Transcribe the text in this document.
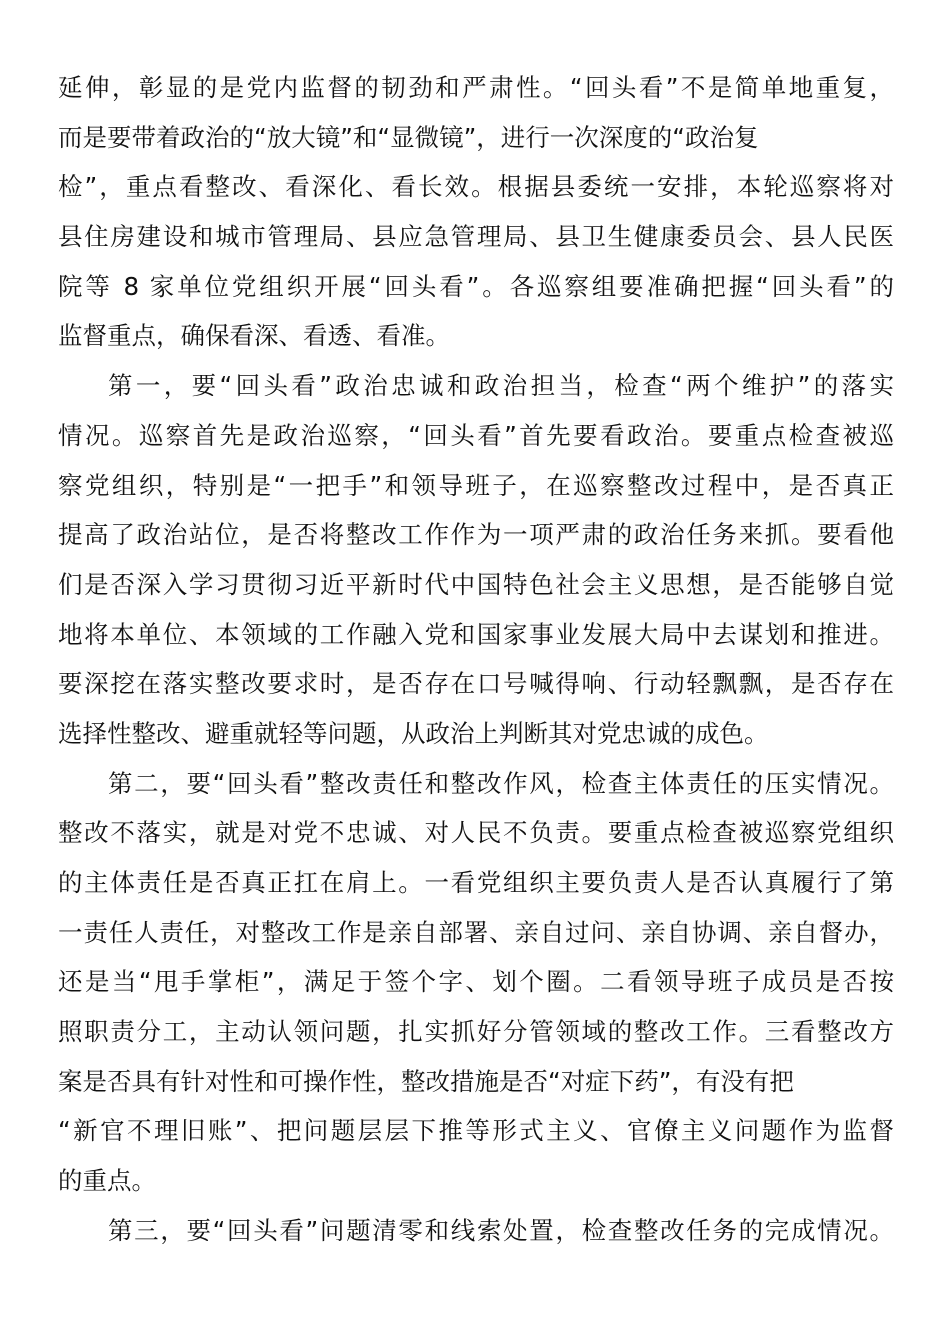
延伸，彰显的是党内监督的韧劲和严肃性。“回头看”不是简单地重复，
而是要带着政治的“放大镜”和“显微镜”，进行一次深度的“政治复
检”，重点看整改、看深化、看长效。根据县委统一安排，本轮巡察将对
县住房建设和城市管理局、县应急管理局、县卫生健康委员会、县人民医
院等 8 家单位党组织开展“回头看”。各巡察组要准确把握“回头看”的
监督重点，确保看深、看透、看准。
第一，要“回头看”政治忠诚和政治担当，检查“两个维护”的落实
情况。巡察首先是政治巡察，“回头看”首先要看政治。要重点检查被巡
察党组织，特别是“一把手”和领导班子，在巡察整改过程中，是否真正
提高了政治站位，是否将整改工作作为一项严肃的政治任务来抓。要看他
们是否深入学习贯彻习近平新时代中国特色社会主义思想，是否能够自觉
地将本单位、本领域的工作融入党和国家事业发展大局中去谋划和推进。
要深挖在落实整改要求时，是否存在口号喊得响、行动轻飘飘，是否存在
选择性整改、避重就轻等问题，从政治上判断其对党忠诚的成色。
第二，要“回头看”整改责任和整改作风，检查主体责任的压实情况。
整改不落实，就是对党不忠诚、对人民不负责。要重点检查被巡察党组织
的主体责任是否真正扛在肩上。一看党组织主要负责人是否认真履行了第
一责任人责任，对整改工作是亲自部署、亲自过问、亲自协调、亲自督办，
还是当“甩手掌柜”，满足于签个字、划个圈。二看领导班子成员是否按
照职责分工，主动认领问题，扎实抓好分管领域的整改工作。三看整改方
案是否具有针对性和可操作性，整改措施是否“对症下药”，有没有把
“新官不理旧账”、把问题层层下推等形式主义、官僚主义问题作为监督
的重点。
第三，要“回头看”问题清零和线索处置，检查整改任务的完成情况。
